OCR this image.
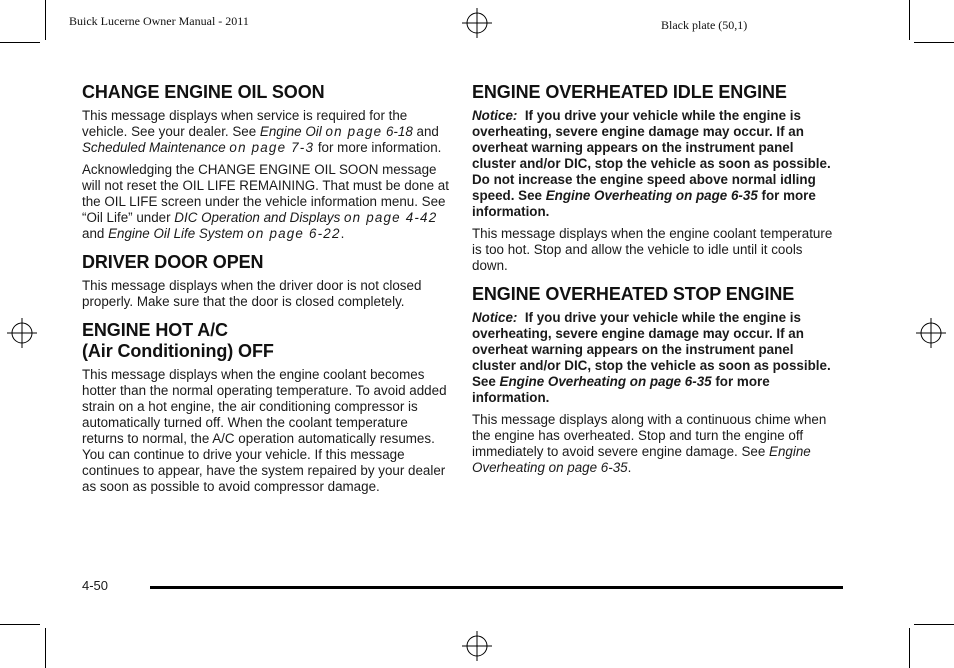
Buick Lucerne Owner Manual - 2011	Black plate (50,1)
CHANGE ENGINE OIL SOON

This message displays when service is required for the vehicle. See your dealer. See Engine Oil on page 6-18 and Scheduled Maintenance on page 7-3 for more information.

Acknowledging the CHANGE ENGINE OIL SOON message will not reset the OIL LIFE REMAINING. That must be done at the OIL LIFE screen under the vehicle information menu. See “Oil Life” under DIC Operation and Displays on page 4-42 and Engine Oil Life System on page 6-22.

DRIVER DOOR OPEN

This message displays when the driver door is not closed properly. Make sure that the door is closed completely.

ENGINE HOT A/C
(Air Conditioning) OFF

This message displays when the engine coolant becomes hotter than the normal operating temperature. To avoid added strain on a hot engine, the air conditioning compressor is automatically turned off. When the coolant temperature returns to normal, the A/C operation automatically resumes. You can continue to drive your vehicle. If this message continues to appear, have the system repaired by your dealer as soon as possible to avoid compressor damage.

ENGINE OVERHEATED IDLE ENGINE

Notice:  If you drive your vehicle while the engine is overheating, severe engine damage may occur. If an overheat warning appears on the instrument panel cluster and/or DIC, stop the vehicle as soon as possible. Do not increase the engine speed above normal idling speed. See Engine Overheating on page 6-35 for more information.

This message displays when the engine coolant temperature is too hot. Stop and allow the vehicle to idle until it cools down.

ENGINE OVERHEATED STOP ENGINE

Notice:  If you drive your vehicle while the engine is overheating, severe engine damage may occur. If an overheat warning appears on the instrument panel cluster and/or DIC, stop the vehicle as soon as possible. See Engine Overheating on page 6-35 for more information.

This message displays along with a continuous chime when the engine has overheated. Stop and turn the engine off immediately to avoid severe engine damage. See Engine Overheating on page 6-35.

4-50
